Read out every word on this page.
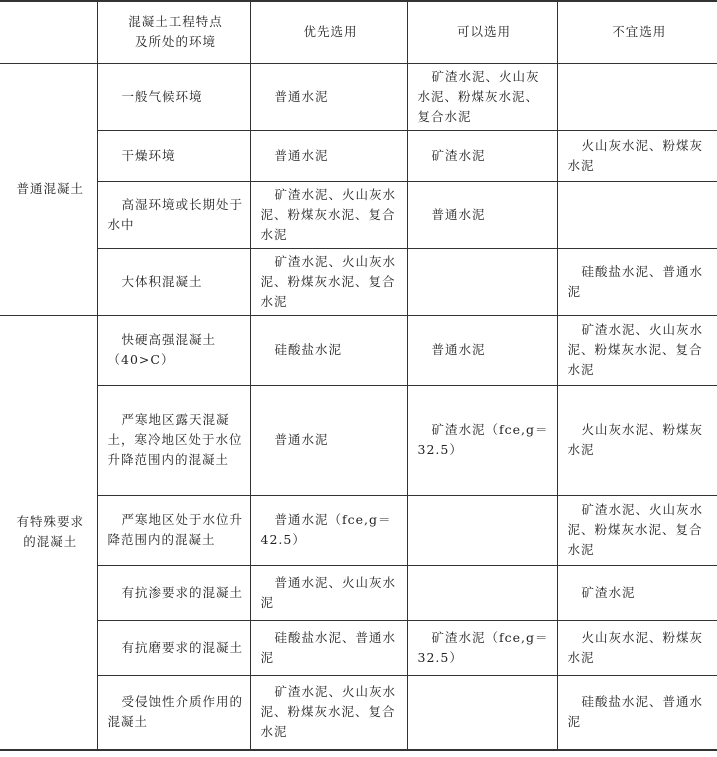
	混凝土工程特点
及所处的环境	优先选用	可以选用	不宜选用
普通混凝土	一般气候环境	普通水泥	矿渣水泥、火山灰水泥、粉煤灰水泥、复合水泥	
	干燥环境	普通水泥	矿渣水泥	火山灰水泥、粉煤灰水泥
	高湿环境或长期处于水中	矿渣水泥、火山灰水泥、粉煤灰水泥、复合水泥	普通水泥	
	大体积混凝土	矿渣水泥、火山灰水泥、粉煤灰水泥、复合水泥		硅酸盐水泥、普通水泥
有特殊要求的混凝土	快硬高强混凝土（40>C）	硅酸盐水泥	普通水泥	矿渣水泥、火山灰水泥、粉煤灰水泥、复合水泥
	严寒地区露天混凝土，寒冷地区处于水位升降范围内的混凝土	普通水泥	矿渣水泥（fce,g＝32.5）	火山灰水泥、粉煤灰水泥
	严寒地区处于水位升降范围内的混凝土	普通水泥（fce,g＝42.5）		矿渣水泥、火山灰水泥、粉煤灰水泥、复合水泥
	有抗渗要求的混凝土	普通水泥、火山灰水泥		矿渣水泥
	有抗磨要求的混凝土	硅酸盐水泥、普通水泥	矿渣水泥（fce,g＝32.5）	火山灰水泥、粉煤灰水泥
	受侵蚀性介质作用的混凝土	矿渣水泥、火山灰水泥、粉煤灰水泥、复合水泥		硅酸盐水泥、普通水泥
